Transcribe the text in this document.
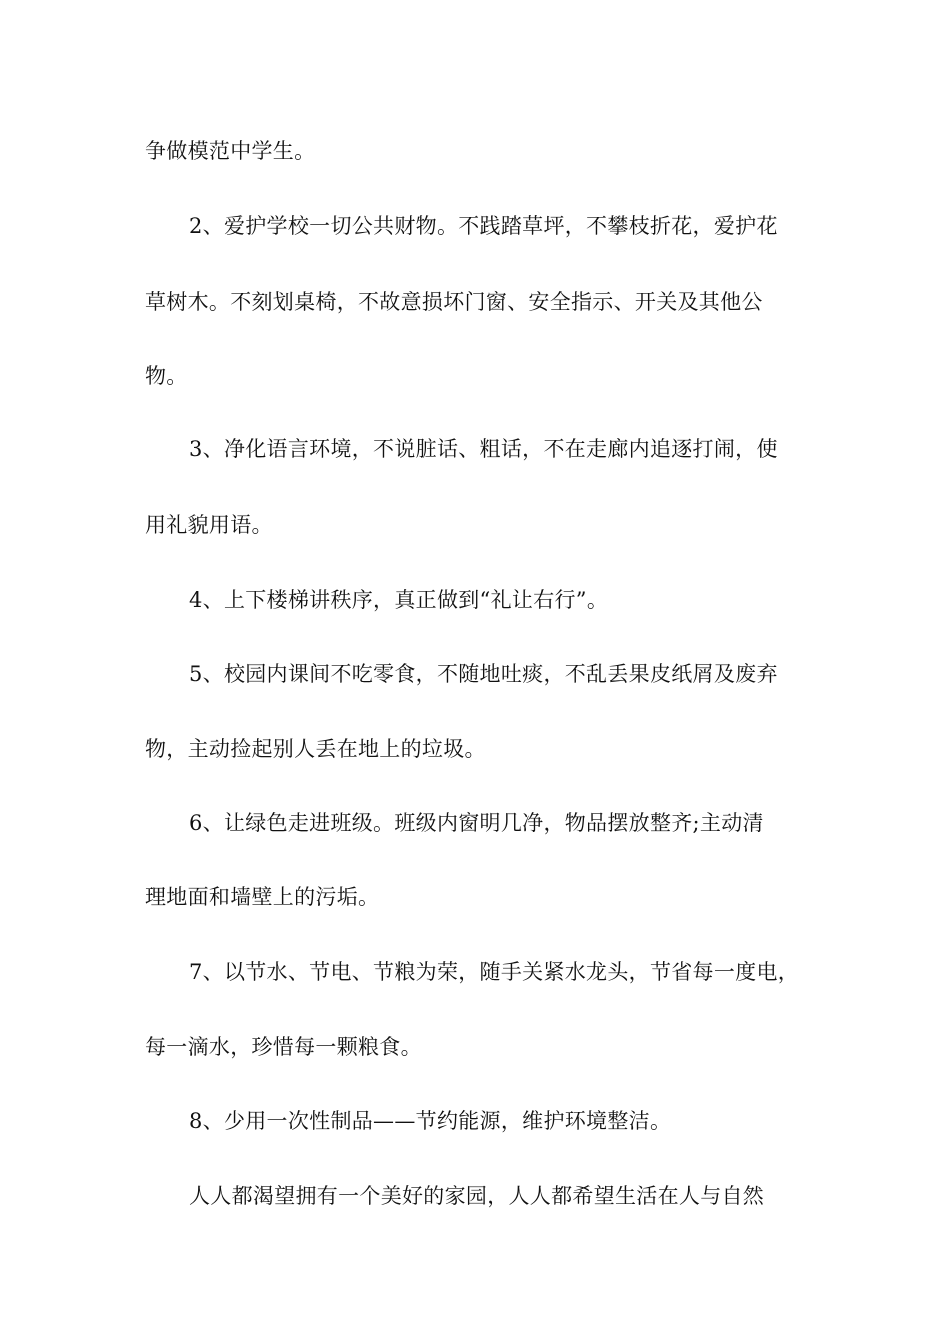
争做模范中学生。
2、爱护学校一切公共财物。不践踏草坪，不攀枝折花，爱护花
草树木。不刻划桌椅，不故意损坏门窗、安全指示、开关及其他公
物。
3、净化语言环境，不说脏话、粗话，不在走廊内追逐打闹，使
用礼貌用语。
4、上下楼梯讲秩序，真正做到“礼让右行”。
5、校园内课间不吃零食，不随地吐痰，不乱丢果皮纸屑及废弃
物，主动捡起别人丢在地上的垃圾。
6、让绿色走进班级。班级内窗明几净，物品摆放整齐;主动清
理地面和墙壁上的污垢。
7、以节水、节电、节粮为荣，随手关紧水龙头，节省每一度电，
每一滴水，珍惜每一颗粮食。
8、少用一次性制品——节约能源，维护环境整洁。
人人都渴望拥有一个美好的家园，人人都希望生活在人与自然
